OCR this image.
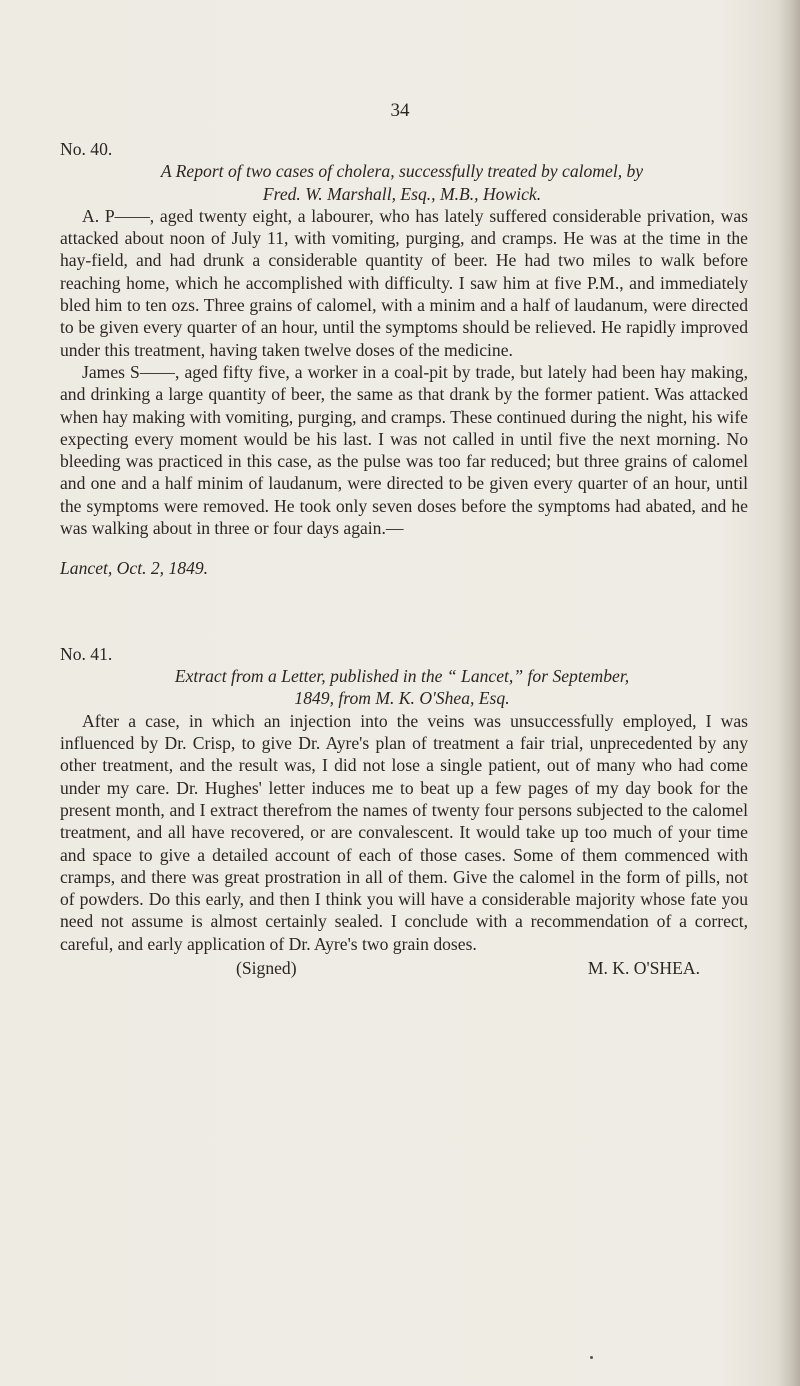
34

No. 40.

A Report of two cases of cholera, successfully treated by calomel, by
Fred. W. Marshall, Esq., M.B., Howick.

A. P——, aged twenty eight, a labourer, who has lately suffered considerable privation, was attacked about noon of July 11, with vomiting, purging, and cramps. He was at the time in the hay-field, and had drunk a considerable quantity of beer. He had two miles to walk before reaching home, which he accomplished with difficulty. I saw him at five P.M., and immediately bled him to ten ozs. Three grains of calomel, with a minim and a half of laudanum, were directed to be given every quarter of an hour, until the symptoms should be relieved. He rapidly improved under this treatment, having taken twelve doses of the medicine.

James S——, aged fifty five, a worker in a coal-pit by trade, but lately had been hay making, and drinking a large quantity of beer, the same as that drank by the former patient. Was attacked when hay making with vomiting, purging, and cramps. These continued during the night, his wife expecting every moment would be his last. I was not called in until five the next morning. No bleeding was practiced in this case, as the pulse was too far reduced; but three grains of calomel and one and a half minim of laudanum, were directed to be given every quarter of an hour, until the symptoms were removed. He took only seven doses before the symptoms had abated, and he was walking about in three or four days again.—

Lancet, Oct. 2, 1849.

No. 41.

Extract from a Letter, published in the “ Lancet,” for September,
1849, from M. K. O'Shea, Esq.

After a case, in which an injection into the veins was unsuccessfully employed, I was influenced by Dr. Crisp, to give Dr. Ayre's plan of treatment a fair trial, unprecedented by any other treatment, and the result was, I did not lose a single patient, out of many who had come under my care. Dr. Hughes' letter induces me to beat up a few pages of my day book for the present month, and I extract therefrom the names of twenty four persons subjected to the calomel treatment, and all have recovered, or are convalescent. It would take up too much of your time and space to give a detailed account of each of those cases. Some of them commenced with cramps, and there was great prostration in all of them. Give the calomel in the form of pills, not of powders. Do this early, and then I think you will have a considerable majority whose fate you need not assume is almost certainly sealed. I conclude with a recommendation of a correct, careful, and early application of Dr. Ayre's two grain doses.

(Signed)	M. K. O'SHEA.
